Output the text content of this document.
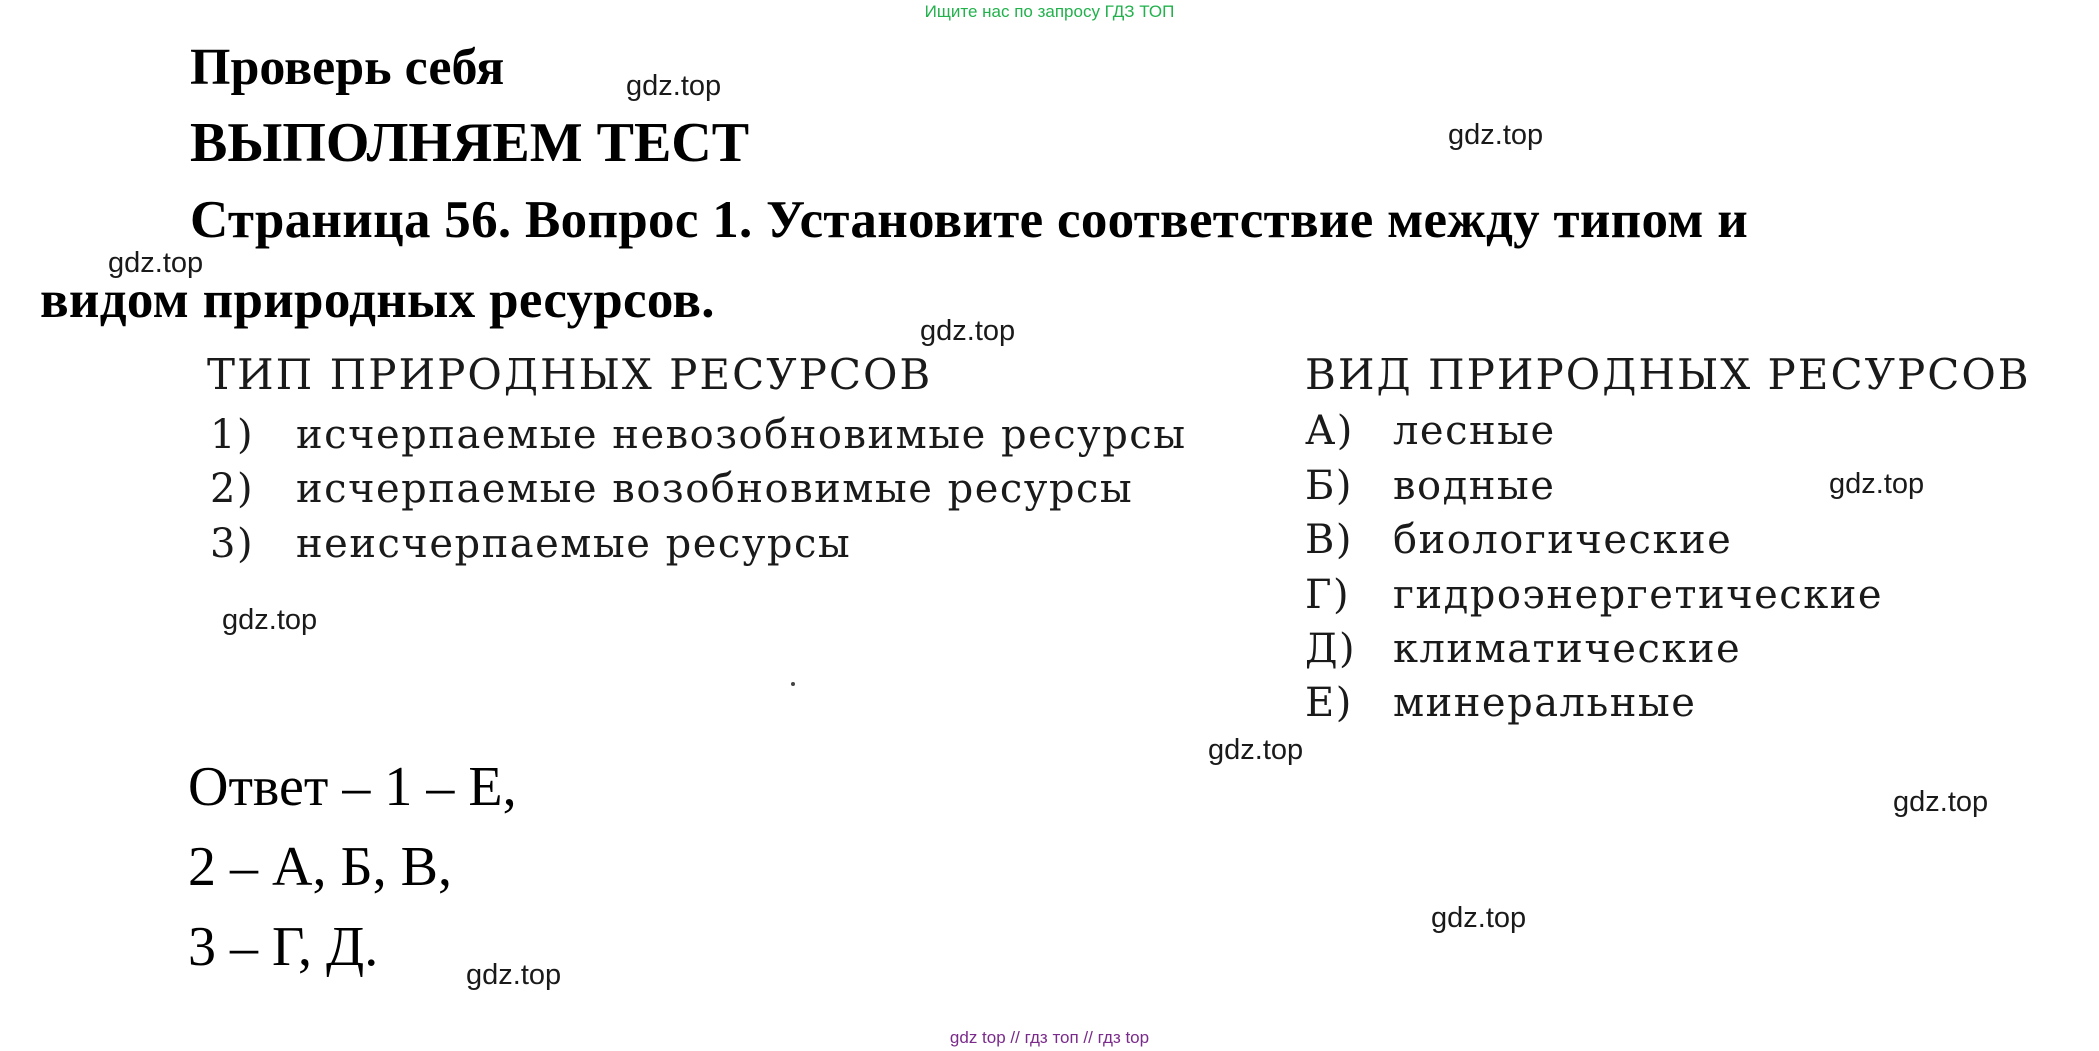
Ищите нас по запросу ГДЗ ТОП
Проверь себя
ВЫПОЛНЯЕМ ТЕСТ
Страница 56. Вопрос 1. Установите соответствие между типом и
видом природных ресурсов.
ТИП ПРИРОДНЫХ РЕСУРСОВ
1) исчерпаемые невозобновимые ресурсы
2) исчерпаемые возобновимые ресурсы
3) неисчерпаемые ресурсы
ВИД ПРИРОДНЫХ РЕСУРСОВ
А) лесные
Б) водные
В) биологические
Г) гидроэнергетические
Д) климатические
Е) минеральные
Ответ – 1 – Е,
2 – А, Б, В,
3 – Г, Д.
gdz.top
gdz.top
gdz.top
gdz.top
gdz.top
gdz.top
gdz.top
gdz.top
gdz.top
gdz.top
gdz top // гдз топ // гдз top
